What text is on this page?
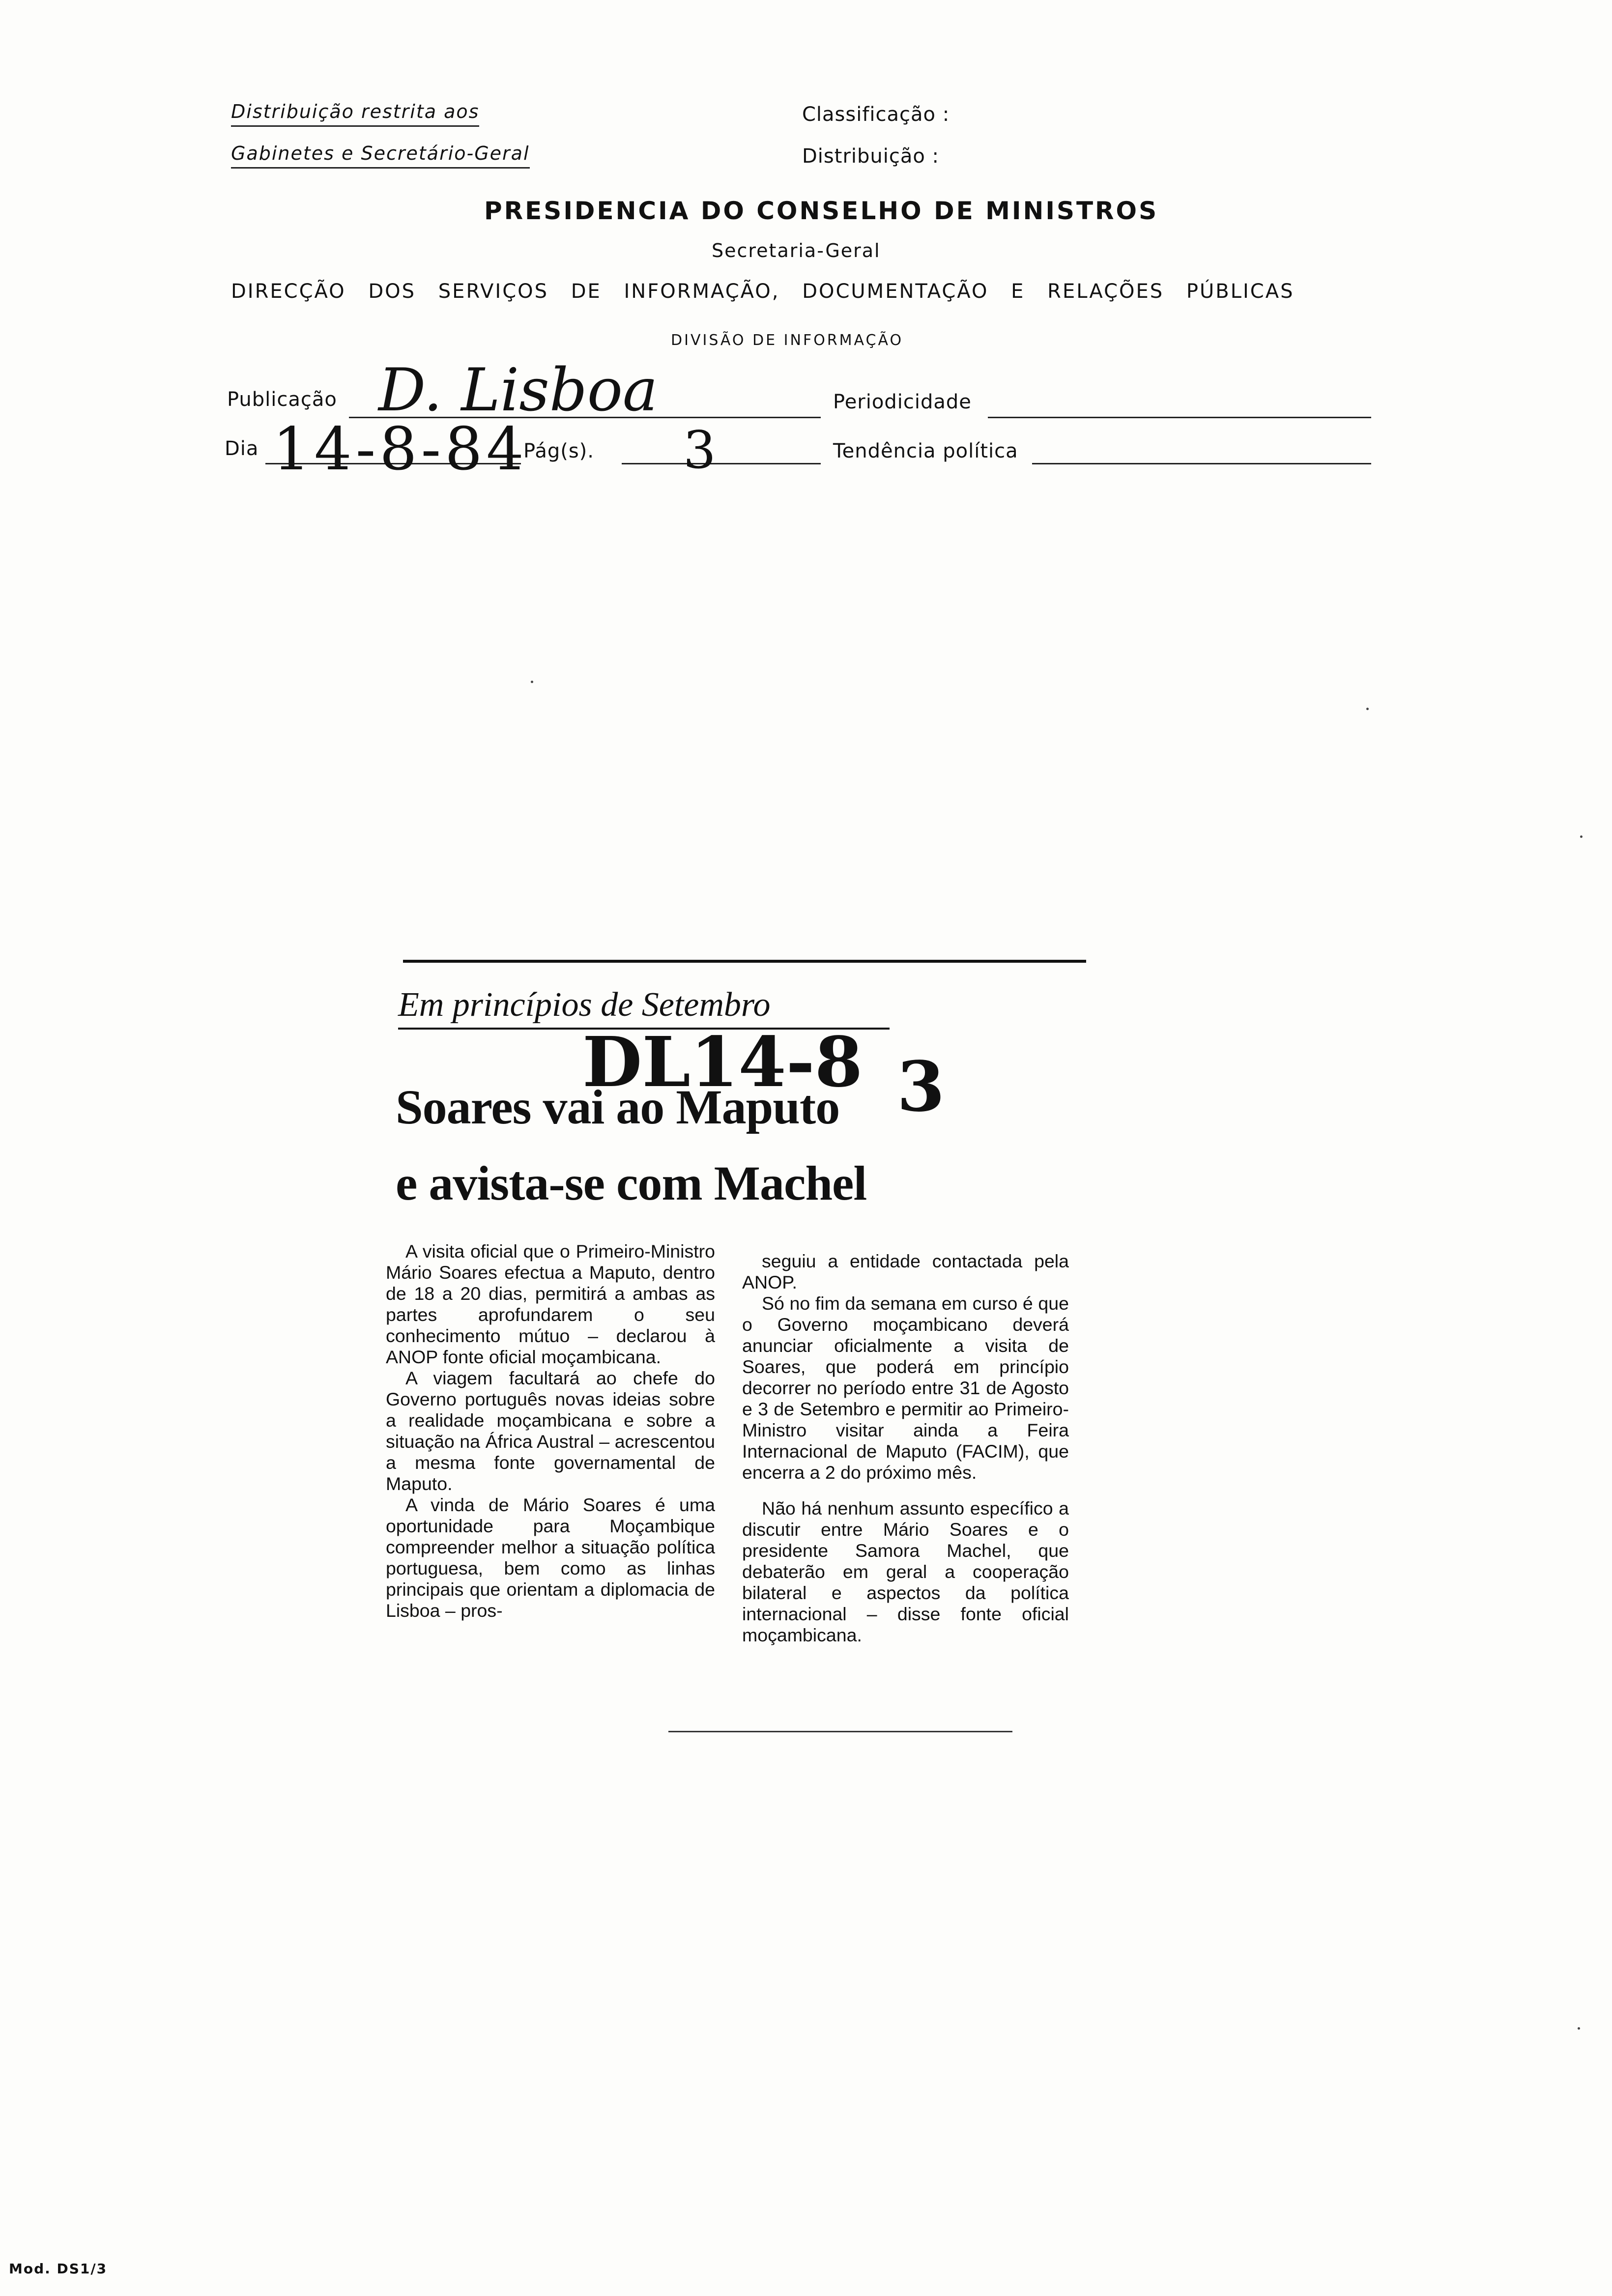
Distribuição restrita aos
Gabinetes e Secretário-Geral
Classificação :
Distribuição :
PRESIDENCIA DO CONSELHO DE MINISTROS
Secretaria-Geral
DIRECÇÃO DOS SERVIÇOS DE INFORMAÇÃO, DOCUMENTAÇÃO E RELAÇÕES PÚBLICAS
DIVISÃO DE INFORMAÇÃO
Publicação D. Lisboa	Periodicidade
Dia 14-8-84
Pág(s). 3	Tendência política
Em princípios de Setembro
Soares vai ao Maputo
e avista-se com Machel
DL14-8 3

A visita oficial que o Primeiro-Ministro Mário Soares efectua a Maputo, dentro de 18 a 20 dias, permitirá a ambas as partes aprofundarem o seu conhecimento mútuo – declarou à ANOP fonte oficial moçambicana.

A viagem facultará ao chefe do Governo português novas ideias sobre a realidade moçambicana e sobre a situação na África Austral – acrescentou a mesma fonte governamental de Maputo.

A vinda de Mário Soares é uma oportunidade para Moçambique compreender melhor a situação política portuguesa, bem como as linhas principais que orientam a diplomacia de Lisboa – pros-

seguiu a entidade contactada pela ANOP.

Só no fim da semana em curso é que o Governo moçambicano deverá anunciar oficialmente a visita de Soares, que poderá em princípio decorrer no período entre 31 de Agosto e 3 de Setembro e permitir ao Primeiro-Ministro visitar ainda a Feira Internacional de Maputo (FACIM), que encerra a 2 do próximo mês.

Não há nenhum assunto específico a discutir entre Mário Soares e o presidente Samora Machel, que debaterão em geral a cooperação bilateral e aspectos da política internacional – disse fonte oficial moçambicana.

Mod. DS1/3
